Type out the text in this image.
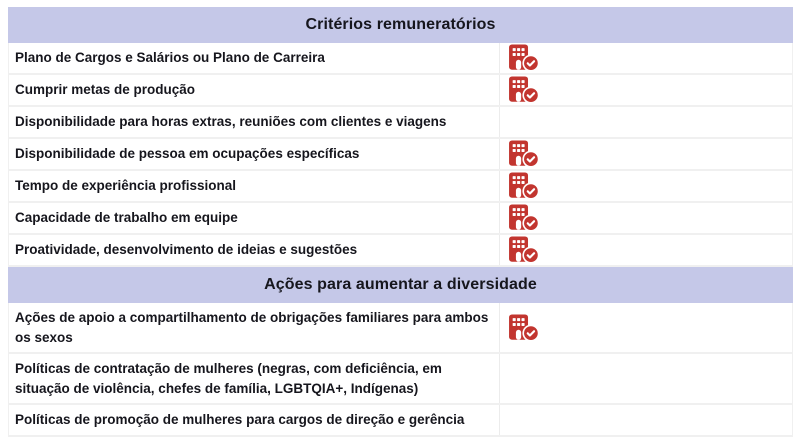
Critérios remuneratórios
Plano de Cargos e Salários ou Plano de Carreira
Cumprir metas de produção
Disponibilidade para horas extras, reuniões com clientes e viagens
Disponibilidade de pessoa em ocupações específicas
Tempo de experiência profissional
Capacidade de trabalho em equipe
Proatividade, desenvolvimento de ideias e sugestões
Ações para aumentar a diversidade
Ações de apoio a compartilhamento de obrigações familiares para ambos os sexos
Políticas de contratação de mulheres (negras, com deficiência, em situação de violência, chefes de família, LGBTQIA+, Indígenas)
Políticas de promoção de mulheres para cargos de direção e gerência
